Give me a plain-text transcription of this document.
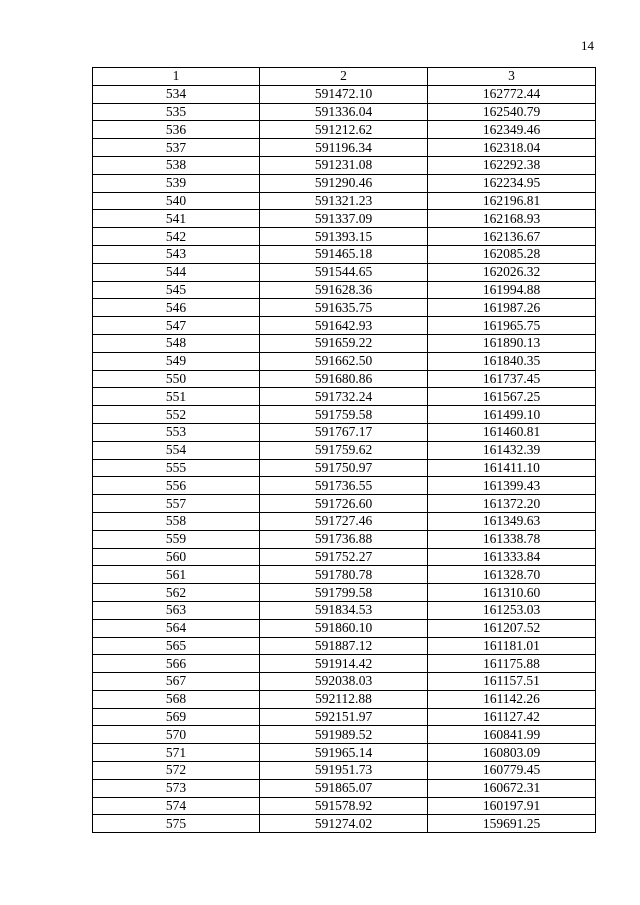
14
1	2	3
534	591472.10	162772.44
535	591336.04	162540.79
536	591212.62	162349.46
537	591196.34	162318.04
538	591231.08	162292.38
539	591290.46	162234.95
540	591321.23	162196.81
541	591337.09	162168.93
542	591393.15	162136.67
543	591465.18	162085.28
544	591544.65	162026.32
545	591628.36	161994.88
546	591635.75	161987.26
547	591642.93	161965.75
548	591659.22	161890.13
549	591662.50	161840.35
550	591680.86	161737.45
551	591732.24	161567.25
552	591759.58	161499.10
553	591767.17	161460.81
554	591759.62	161432.39
555	591750.97	161411.10
556	591736.55	161399.43
557	591726.60	161372.20
558	591727.46	161349.63
559	591736.88	161338.78
560	591752.27	161333.84
561	591780.78	161328.70
562	591799.58	161310.60
563	591834.53	161253.03
564	591860.10	161207.52
565	591887.12	161181.01
566	591914.42	161175.88
567	592038.03	161157.51
568	592112.88	161142.26
569	592151.97	161127.42
570	591989.52	160841.99
571	591965.14	160803.09
572	591951.73	160779.45
573	591865.07	160672.31
574	591578.92	160197.91
575	591274.02	159691.25
